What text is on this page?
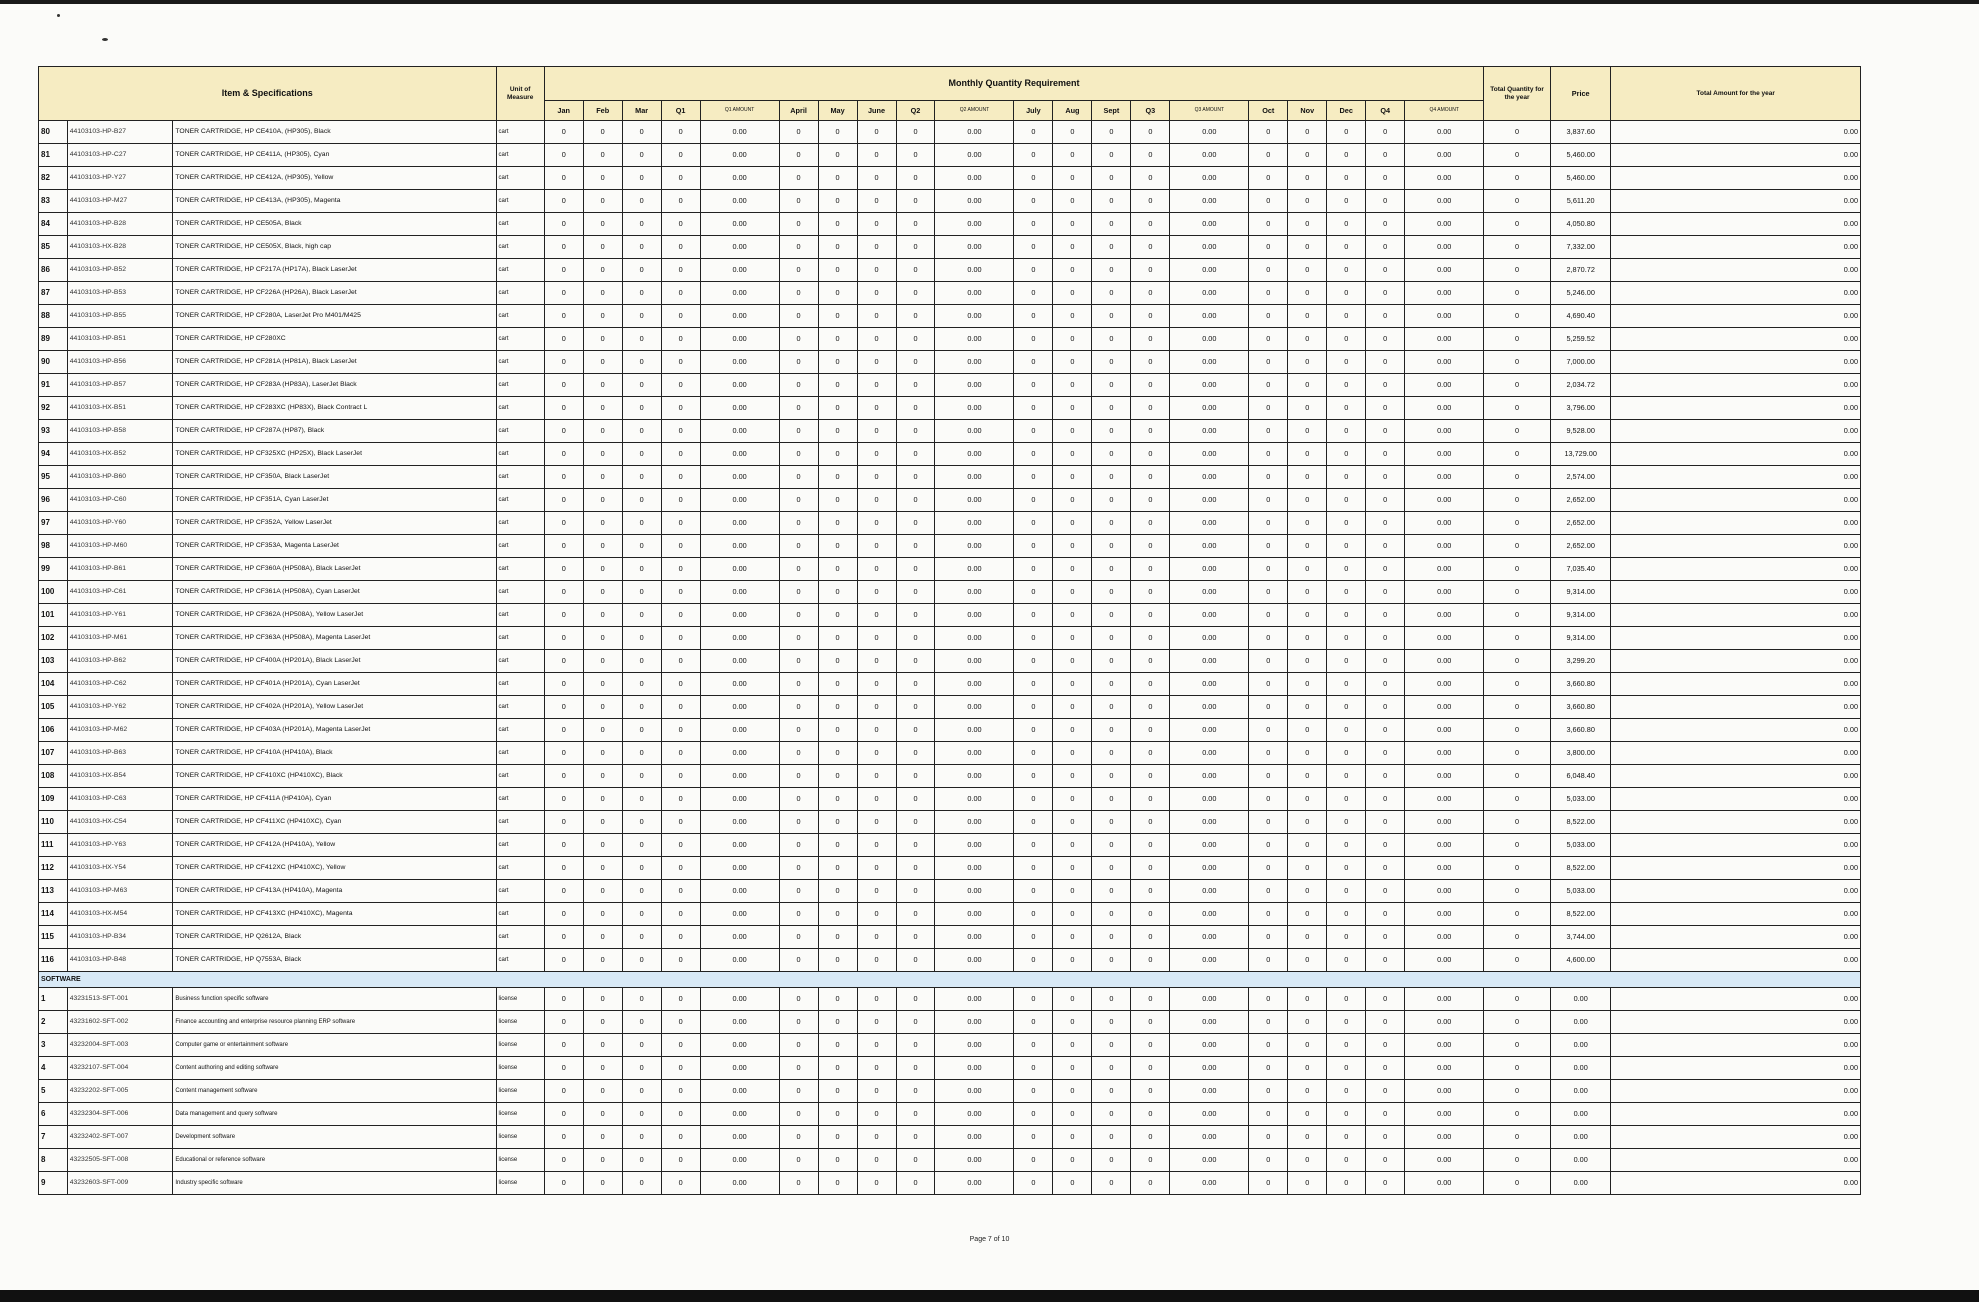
Item & Specifications			Unit of Measure	Monthly Quantity Requirement																				Total Quantity for the year	Price	Total Amount for the year
				Jan	Feb	Mar	Q1	Q1 AMOUNT	April	May	June	Q2	Q2 AMOUNT	July	Aug	Sept	Q3	Q3 AMOUNT	Oct	Nov	Dec	Q4	Q4 AMOUNT			
80	44103103-HP-B27	TONER CARTRIDGE, HP CE410A, (HP305), Black	cart	0	0	0	0	0.00	0	0	0	0	0.00	0	0	0	0	0.00	0	0	0	0	0.00	0	3,837.60	0.00
81	44103103-HP-C27	TONER CARTRIDGE, HP CE411A, (HP305), Cyan	cart	0	0	0	0	0.00	0	0	0	0	0.00	0	0	0	0	0.00	0	0	0	0	0.00	0	5,460.00	0.00
82	44103103-HP-Y27	TONER CARTRIDGE, HP CE412A, (HP305), Yellow	cart	0	0	0	0	0.00	0	0	0	0	0.00	0	0	0	0	0.00	0	0	0	0	0.00	0	5,460.00	0.00
83	44103103-HP-M27	TONER CARTRIDGE, HP CE413A, (HP305), Magenta	cart	0	0	0	0	0.00	0	0	0	0	0.00	0	0	0	0	0.00	0	0	0	0	0.00	0	5,611.20	0.00
84	44103103-HP-B28	TONER CARTRIDGE, HP CE505A, Black	cart	0	0	0	0	0.00	0	0	0	0	0.00	0	0	0	0	0.00	0	0	0	0	0.00	0	4,050.80	0.00
85	44103103-HX-B28	TONER CARTRIDGE, HP CE505X, Black, high cap	cart	0	0	0	0	0.00	0	0	0	0	0.00	0	0	0	0	0.00	0	0	0	0	0.00	0	7,332.00	0.00
86	44103103-HP-B52	TONER CARTRIDGE, HP CF217A (HP17A), Black LaserJet	cart	0	0	0	0	0.00	0	0	0	0	0.00	0	0	0	0	0.00	0	0	0	0	0.00	0	2,870.72	0.00
87	44103103-HP-B53	TONER CARTRIDGE, HP CF226A (HP26A), Black LaserJet	cart	0	0	0	0	0.00	0	0	0	0	0.00	0	0	0	0	0.00	0	0	0	0	0.00	0	5,246.00	0.00
88	44103103-HP-B55	TONER CARTRIDGE, HP CF280A, LaserJet Pro M401/M425	cart	0	0	0	0	0.00	0	0	0	0	0.00	0	0	0	0	0.00	0	0	0	0	0.00	0	4,690.40	0.00
89	44103103-HP-B51	TONER CARTRIDGE, HP CF280XC	cart	0	0	0	0	0.00	0	0	0	0	0.00	0	0	0	0	0.00	0	0	0	0	0.00	0	5,259.52	0.00
90	44103103-HP-B56	TONER CARTRIDGE, HP CF281A (HP81A), Black LaserJet	cart	0	0	0	0	0.00	0	0	0	0	0.00	0	0	0	0	0.00	0	0	0	0	0.00	0	7,000.00	0.00
91	44103103-HP-B57	TONER CARTRIDGE, HP CF283A (HP83A), LaserJet Black	cart	0	0	0	0	0.00	0	0	0	0	0.00	0	0	0	0	0.00	0	0	0	0	0.00	0	2,034.72	0.00
92	44103103-HX-B51	TONER CARTRIDGE, HP CF283XC (HP83X), Black Contract L	cart	0	0	0	0	0.00	0	0	0	0	0.00	0	0	0	0	0.00	0	0	0	0	0.00	0	3,796.00	0.00
93	44103103-HP-B58	TONER CARTRIDGE, HP CF287A (HP87), Black	cart	0	0	0	0	0.00	0	0	0	0	0.00	0	0	0	0	0.00	0	0	0	0	0.00	0	9,528.00	0.00
94	44103103-HX-B52	TONER CARTRIDGE, HP CF325XC (HP25X), Black LaserJet	cart	0	0	0	0	0.00	0	0	0	0	0.00	0	0	0	0	0.00	0	0	0	0	0.00	0	13,729.00	0.00
95	44103103-HP-B60	TONER CARTRIDGE, HP CF350A, Black LaserJet	cart	0	0	0	0	0.00	0	0	0	0	0.00	0	0	0	0	0.00	0	0	0	0	0.00	0	2,574.00	0.00
96	44103103-HP-C60	TONER CARTRIDGE, HP CF351A, Cyan LaserJet	cart	0	0	0	0	0.00	0	0	0	0	0.00	0	0	0	0	0.00	0	0	0	0	0.00	0	2,652.00	0.00
97	44103103-HP-Y60	TONER CARTRIDGE, HP CF352A, Yellow LaserJet	cart	0	0	0	0	0.00	0	0	0	0	0.00	0	0	0	0	0.00	0	0	0	0	0.00	0	2,652.00	0.00
98	44103103-HP-M60	TONER CARTRIDGE, HP CF353A, Magenta LaserJet	cart	0	0	0	0	0.00	0	0	0	0	0.00	0	0	0	0	0.00	0	0	0	0	0.00	0	2,652.00	0.00
99	44103103-HP-B61	TONER CARTRIDGE, HP CF360A (HP508A), Black LaserJet	cart	0	0	0	0	0.00	0	0	0	0	0.00	0	0	0	0	0.00	0	0	0	0	0.00	0	7,035.40	0.00
100	44103103-HP-C61	TONER CARTRIDGE, HP CF361A (HP508A), Cyan LaserJet	cart	0	0	0	0	0.00	0	0	0	0	0.00	0	0	0	0	0.00	0	0	0	0	0.00	0	9,314.00	0.00
101	44103103-HP-Y61	TONER CARTRIDGE, HP CF362A (HP508A), Yellow LaserJet	cart	0	0	0	0	0.00	0	0	0	0	0.00	0	0	0	0	0.00	0	0	0	0	0.00	0	9,314.00	0.00
102	44103103-HP-M61	TONER CARTRIDGE, HP CF363A (HP508A), Magenta LaserJet	cart	0	0	0	0	0.00	0	0	0	0	0.00	0	0	0	0	0.00	0	0	0	0	0.00	0	9,314.00	0.00
103	44103103-HP-B62	TONER CARTRIDGE, HP CF400A (HP201A), Black LaserJet	cart	0	0	0	0	0.00	0	0	0	0	0.00	0	0	0	0	0.00	0	0	0	0	0.00	0	3,299.20	0.00
104	44103103-HP-C62	TONER CARTRIDGE, HP CF401A (HP201A), Cyan LaserJet	cart	0	0	0	0	0.00	0	0	0	0	0.00	0	0	0	0	0.00	0	0	0	0	0.00	0	3,660.80	0.00
105	44103103-HP-Y62	TONER CARTRIDGE, HP CF402A (HP201A), Yellow LaserJet	cart	0	0	0	0	0.00	0	0	0	0	0.00	0	0	0	0	0.00	0	0	0	0	0.00	0	3,660.80	0.00
106	44103103-HP-M62	TONER CARTRIDGE, HP CF403A (HP201A), Magenta LaserJet	cart	0	0	0	0	0.00	0	0	0	0	0.00	0	0	0	0	0.00	0	0	0	0	0.00	0	3,660.80	0.00
107	44103103-HP-B63	TONER CARTRIDGE, HP CF410A (HP410A), Black	cart	0	0	0	0	0.00	0	0	0	0	0.00	0	0	0	0	0.00	0	0	0	0	0.00	0	3,800.00	0.00
108	44103103-HX-B54	TONER CARTRIDGE, HP CF410XC (HP410XC), Black	cart	0	0	0	0	0.00	0	0	0	0	0.00	0	0	0	0	0.00	0	0	0	0	0.00	0	6,048.40	0.00
109	44103103-HP-C63	TONER CARTRIDGE, HP CF411A (HP410A), Cyan	cart	0	0	0	0	0.00	0	0	0	0	0.00	0	0	0	0	0.00	0	0	0	0	0.00	0	5,033.00	0.00
110	44103103-HX-C54	TONER CARTRIDGE, HP CF411XC (HP410XC), Cyan	cart	0	0	0	0	0.00	0	0	0	0	0.00	0	0	0	0	0.00	0	0	0	0	0.00	0	8,522.00	0.00
111	44103103-HP-Y63	TONER CARTRIDGE, HP CF412A (HP410A), Yellow	cart	0	0	0	0	0.00	0	0	0	0	0.00	0	0	0	0	0.00	0	0	0	0	0.00	0	5,033.00	0.00
112	44103103-HX-Y54	TONER CARTRIDGE, HP CF412XC (HP410XC), Yellow	cart	0	0	0	0	0.00	0	0	0	0	0.00	0	0	0	0	0.00	0	0	0	0	0.00	0	8,522.00	0.00
113	44103103-HP-M63	TONER CARTRIDGE, HP CF413A (HP410A), Magenta	cart	0	0	0	0	0.00	0	0	0	0	0.00	0	0	0	0	0.00	0	0	0	0	0.00	0	5,033.00	0.00
114	44103103-HX-M54	TONER CARTRIDGE, HP CF413XC (HP410XC), Magenta	cart	0	0	0	0	0.00	0	0	0	0	0.00	0	0	0	0	0.00	0	0	0	0	0.00	0	8,522.00	0.00
115	44103103-HP-B34	TONER CARTRIDGE, HP Q2612A, Black	cart	0	0	0	0	0.00	0	0	0	0	0.00	0	0	0	0	0.00	0	0	0	0	0.00	0	3,744.00	0.00
116	44103103-HP-B48	TONER CARTRIDGE, HP Q7553A, Black	cart	0	0	0	0	0.00	0	0	0	0	0.00	0	0	0	0	0.00	0	0	0	0	0.00	0	4,600.00	0.00
SOFTWARE																										
1	43231513-SFT-001	Business function specific software	license	0	0	0	0	0.00	0	0	0	0	0.00	0	0	0	0	0.00	0	0	0	0	0.00	0	0.00	0.00
2	43231602-SFT-002	Finance accounting and enterprise resource planning ERP software	license	0	0	0	0	0.00	0	0	0	0	0.00	0	0	0	0	0.00	0	0	0	0	0.00	0	0.00	0.00
3	43232004-SFT-003	Computer game or entertainment software	license	0	0	0	0	0.00	0	0	0	0	0.00	0	0	0	0	0.00	0	0	0	0	0.00	0	0.00	0.00
4	43232107-SFT-004	Content authoring and editing software	license	0	0	0	0	0.00	0	0	0	0	0.00	0	0	0	0	0.00	0	0	0	0	0.00	0	0.00	0.00
5	43232202-SFT-005	Content management software	license	0	0	0	0	0.00	0	0	0	0	0.00	0	0	0	0	0.00	0	0	0	0	0.00	0	0.00	0.00
6	43232304-SFT-006	Data management and query software	license	0	0	0	0	0.00	0	0	0	0	0.00	0	0	0	0	0.00	0	0	0	0	0.00	0	0.00	0.00
7	43232402-SFT-007	Development software	license	0	0	0	0	0.00	0	0	0	0	0.00	0	0	0	0	0.00	0	0	0	0	0.00	0	0.00	0.00
8	43232505-SFT-008	Educational or reference software	license	0	0	0	0	0.00	0	0	0	0	0.00	0	0	0	0	0.00	0	0	0	0	0.00	0	0.00	0.00
9	43232603-SFT-009	Industry specific software	license	0	0	0	0	0.00	0	0	0	0	0.00	0	0	0	0	0.00	0	0	0	0	0.00	0	0.00	0.00
Page 7 of 10
